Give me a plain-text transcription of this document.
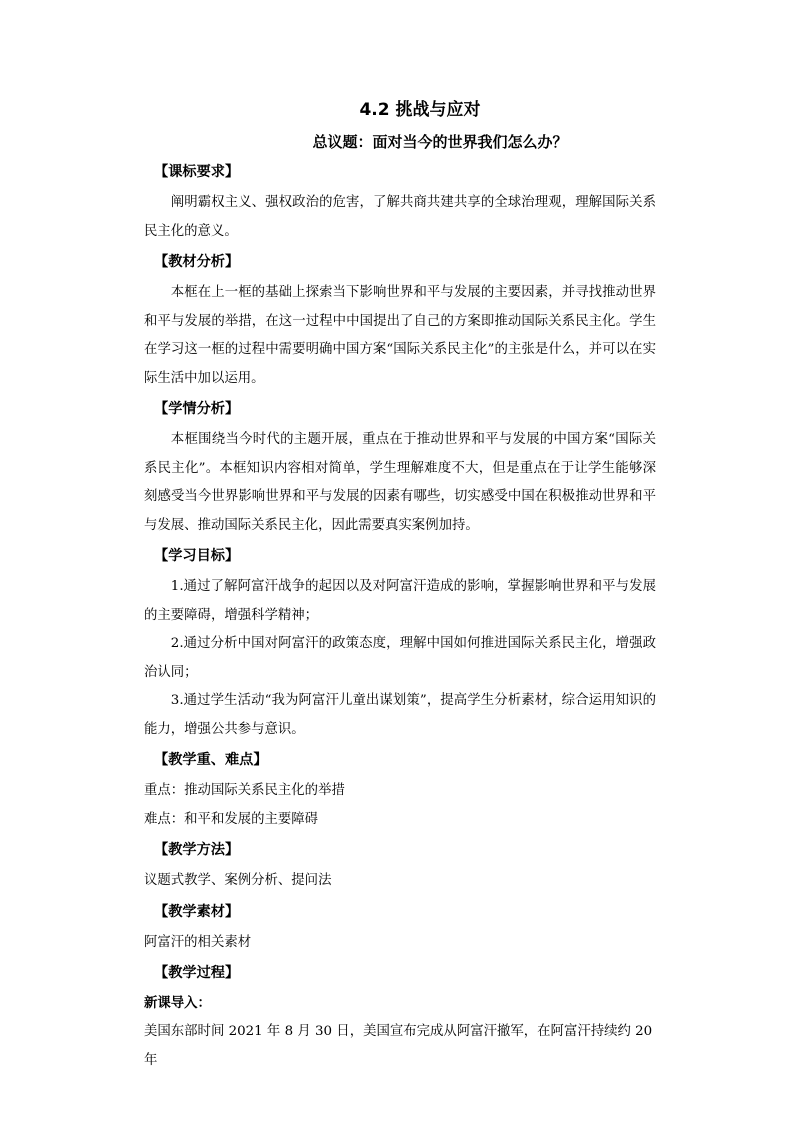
4.2 挑战与应对
总议题：面对当今的世界我们怎么办？
【课标要求】

阐明霸权主义、强权政治的危害，了解共商共建共享的全球治理观，理解国际关系民主化的意义。

【教材分析】

本框在上一框的基础上探索当下影响世界和平与发展的主要因素，并寻找推动世界和平与发展的举措，在这一过程中中国提出了自己的方案即推动国际关系民主化。学生在学习这一框的过程中需要明确中国方案“国际关系民主化”的主张是什么，并可以在实际生活中加以运用。

【学情分析】

本框围绕当今时代的主题开展，重点在于推动世界和平与发展的中国方案“国际关系民主化”。本框知识内容相对简单，学生理解难度不大，但是重点在于让学生能够深刻感受当今世界影响世界和平与发展的因素有哪些，切实感受中国在积极推动世界和平与发展、推动国际关系民主化，因此需要真实案例加持。

【学习目标】

1.通过了解阿富汗战争的起因以及对阿富汗造成的影响，掌握影响世界和平与发展的主要障碍，增强科学精神；

2.通过分析中国对阿富汗的政策态度，理解中国如何推进国际关系民主化，增强政治认同；

3.通过学生活动“我为阿富汗儿童出谋划策”，提高学生分析素材，综合运用知识的能力，增强公共参与意识。

【教学重、难点】

重点：推动国际关系民主化的举措

难点：和平和发展的主要障碍

【教学方法】

议题式教学、案例分析、提问法

【教学素材】

阿富汗的相关素材

【教学过程】

新课导入：

美国东部时间 2021 年 8 月 30 日，美国宣布完成从阿富汗撤军，在阿富汗持续约 20 年
